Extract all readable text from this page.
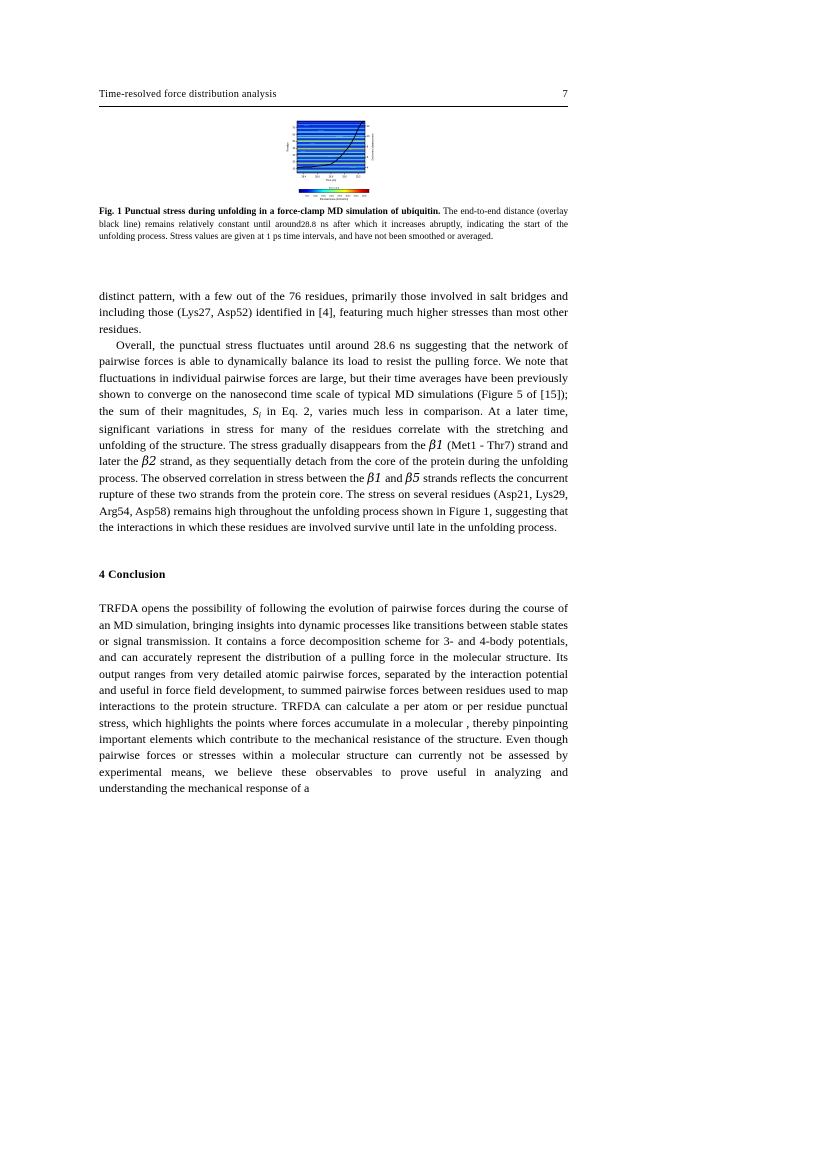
Time-resolved force distribution analysis	7
70
60
50
40
30
20
10
Residue
12
10
8
6
4
End-to-end distance (nm)
28.4	28.6	28.8	29.0	29.2
Time (ns)
Stress (kJ)
500	1000	1500	2000	2500	3000	3500	4000
Punctual stress (kJ/mol/nm)
Fig. 1 Punctual stress during unfolding in a force-clamp MD simulation of ubiquitin. The end-to-end distance (overlay black line) remains relatively constant until around28.8 ns after which it increases abruptly, indicating the start of the unfolding process. Stress values are given at 1 ps time intervals, and have not been smoothed or averaged.

distinct pattern, with a few out of the 76 residues, primarily those involved in salt bridges and including those (Lys27, Asp52) identified in [4], featuring much higher stresses than most other residues.

Overall, the punctual stress fluctuates until around 28.6 ns suggesting that the network of pairwise forces is able to dynamically balance its load to resist the pulling force. We note that fluctuations in individual pairwise forces are large, but their time averages have been previously shown to converge on the nanosecond time scale of typical MD simulations (Figure 5 of [15]); the sum of their magnitudes, $S_i$ in Eq. 2, varies much less in comparison. At a later time, significant variations in stress for many of the residues correlate with the stretching and unfolding of the structure. The stress gradually disappears from the β1 (Met1 - Thr7) strand and later the β2 strand, as they sequentially detach from the core of the protein during the unfolding process. The observed correlation in stress between the β1 and β5 strands reflects the concurrent rupture of these two strands from the protein core. The stress on several residues (Asp21, Lys29, Arg54, Asp58) remains high throughout the unfolding process shown in Figure 1, suggesting that the interactions in which these residues are involved survive until late in the unfolding process.

4 Conclusion

TRFDA opens the possibility of following the evolution of pairwise forces during the course of an MD simulation, bringing insights into dynamic processes like transitions between stable states or signal transmission. It contains a force decomposition scheme for 3- and 4-body potentials, and can accurately represent the distribution of a pulling force in the molecular structure. Its output ranges from very detailed atomic pairwise forces, separated by the interaction potential and useful in force field development, to summed pairwise forces between residues used to map interactions to the protein structure. TRFDA can calculate a per atom or per residue punctual stress, which highlights the points where forces accumulate in a molecular , thereby pinpointing important elements which contribute to the mechanical resistance of the structure. Even though pairwise forces or stresses within a molecular structure can currently not be assessed by experimental means, we believe these observables to prove useful in analyzing and understanding the mechanical response of a
